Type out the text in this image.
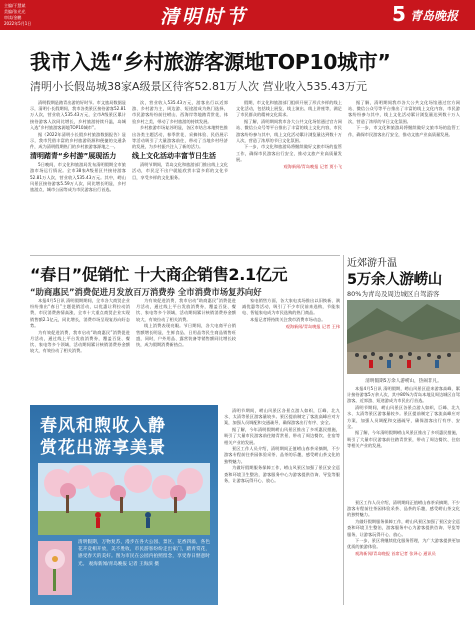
主编/于慧斌
美编/张光光
审读/金鹏
2022年5月1日	清明时节	5 青岛晚报
我市入选“乡村旅游客源地TOP10城市”
清明小长假岛城38家A级景区待客52.81万人次 营业收入535.43万元

清明假期是踏青出游的好时节。市文旅局数据显示，清明小长假期间，我市各类景区接待游客52.81万人次，营业收入535.43万元，全市A级景区累计接待游客人次同比增长，乡村旅游持续升温，岛城入选“乡村旅游客源地TOP10城市”。

据《2022年清明小长假乡村旅游数据报告》显示，我市凭借丰富的乡村旅游资源和便捷的交通条件，成为清明假期热门的乡村旅游客源地之一。

清明踏青“乡村游”展现活力

5日晚间，市文化和旅游局发布清明假期全市旅游市场运行情况。全市38家A级景区共接待游客52.81万人次，营业收入535.43万元。其中，崂山风景区接待游客5.59万人次，同比增长明显，乡村旅游点、城市公园等成为市民游客出行首选。

次，营业收入535.43万元，游客出行以近郊游、乡村游为主，周边游、短途游成为热门选择，市民游客纷纷前往崂山、西海岸等地踏青赏花，体验乡村之美，带动了乡村旅游的持续发展。

乡村旅游市场复苏明显，各区市结合本地特色推出各类主题活动，春季赏花、采摘体验、民俗展示等活动吸引了大量游客前往，带动了当地乡村经济的发展，为乡村振兴注入了新的活力。

线上文化活动丰富节日生活

清明节期间，青岛文化和旅游部门推出线上文化活动，市民足不出户就能欣赏丰富多彩的文化节目，享受多样的文化服务。

假期，市文化和旅游部门组织开展了形式多样的线上文化活动，包括线上展览、线上演出、线上讲座等，满足了市民群众的精神文化需求。

据了解，清明期间我市各大公共文化场馆通过官方网站、微信公众号等平台推出了丰富的线上文化内容，市民游客纷纷参与其中，线上文化活动累计浏览量达到数十万人次，营造了浓厚的节日文化氛围。

下一步，市文化和旅游局将继续做好文旅市场的监管工作，确保市民游客出行安全，推动文旅产业高质量发展。

观海新闻/青岛晚报 记者 贾小飞

据了解，清明期间我市各大公共文化场馆通过官方网站、微信公众号等平台推出了丰富的线上文化内容，市民游客纷纷参与其中，线上文化活动累计浏览量达到数十万人次，营造了浓厚的节日文化氛围。

下一步，市文化和旅游局将继续做好文旅市场的监管工作，确保市民游客出行安全，推动文旅产业高质量发展。

“春日”促销忙 十大商企销售2.1亿元
“助商惠民”消费促进月发放百万消费券 全市消费市场复苏向好

本报4月5日讯 清明假期期间，全市各大商贸企业纷纷推出“春日”主题促销活动，以优惠让利拉动消费，市民消费热情高涨，全市十大重点商贸企业实现销售额2.1亿元，同比增长，消费市场呈现复苏向好态势。

为有效促进消费，我市启动“助商惠民”消费促进月活动，通过线上平台发放消费券，覆盖百货、餐饮、家电等多个领域，活动期间累计核销消费券金额较大，有效拉动了相关消费。

为有效促进消费，我市启动“助商惠民”消费促进月活动，通过线上平台发放消费券，覆盖百货、餐饮、家电等多个领域，活动期间累计核销消费券金额较大，有效拉动了相关消费。

线上消费表现亮眼。节日期间，各大电商平台销售额增长明显，生鲜食品、日用品等民生商品销售旺盛，同时，户外用品、露营装备等销售额同比增长较快，成为假期消费新热点。

家电销售方面，各大家电卖场推出以旧换新、满减优惠等活动，吸引了不少市民前来选购，节能家电、智能家电成为市民选购的热门商品。

本报记者将持续关注我市消费市场动态。

观海新闻/青岛晚报 记者 王伟

近郊游升温
5万余人游崂山
80%为青岛及周边城区自驾游客
清明假期5万余人游崂山，热闹非凡。

本报4月5日讯 清明假期，崂山风景区迎来游客高峰，累计接待游客5万余人次，其中80%为青岛本地及周边城区自驾游客，近郊游、短途游成为市民出行首选。

清明节期间，崂山风景区各景点游人如织，巨峰、北九水、太清等景区游客量较多。景区提前制定了客流高峰应对方案，加强人员调配和交通疏导，确保游客出行有序、安全。

据了解，今年清明假期崂山风景区推出了多项惠民措施，吸引了大量市民游客前往踏青赏景，带动了周边餐饮、住宿等相关产业的发展。

景区工作人员介绍，清明期间正值崂山春茶采摘期，不少游客专程前往茶园体验采茶、品茶的乐趣，感受崂山茶文化的独特魅力。

为做好假期服务保障工作，崂山风景区加强了景区安全巡查和环境卫生整治，游客服务中心为游客提供咨询、导览等服务，让游客玩得开心、放心。

下一步，景区将继续优化服务管理，为广大游客提供更加优质的旅游体验。

观海新闻/青岛晚报 首席记者 张译心 通讯员

清明节期间，崂山风景区各景点游人如织，巨峰、北九水、太清等景区游客量较多。景区提前制定了客流高峰应对方案，加强人员调配和交通疏导，确保游客出行有序、安全。

据了解，今年清明假期崂山风景区推出了多项惠民措施，吸引了大量市民游客前往踏青赏景，带动了周边餐饮、住宿等相关产业的发展。

景区工作人员介绍，清明期间正值崂山春茶采摘期，不少游客专程前往茶园体验采茶、品茶的乐趣，感受崂山茶文化的独特魅力。

为做好假期服务保障工作，崂山风景区加强了景区安全巡查和环境卫生整治，游客服务中心为游客提供咨询、导览等服务，让游客玩得开心、放心。

春风和煦收入静
赏花出游享美景
清明假期，万物复苏，漫步在各大公园、景区，花香四溢，各色花卉竞相开放，美不胜收，市民游客纷纷走出家门，踏青赏花，感受春天的美好。图为市民在公园内拍照留念，享受春日惬意时光。 观海新闻/青岛晚报 记者 王海滨 摄
